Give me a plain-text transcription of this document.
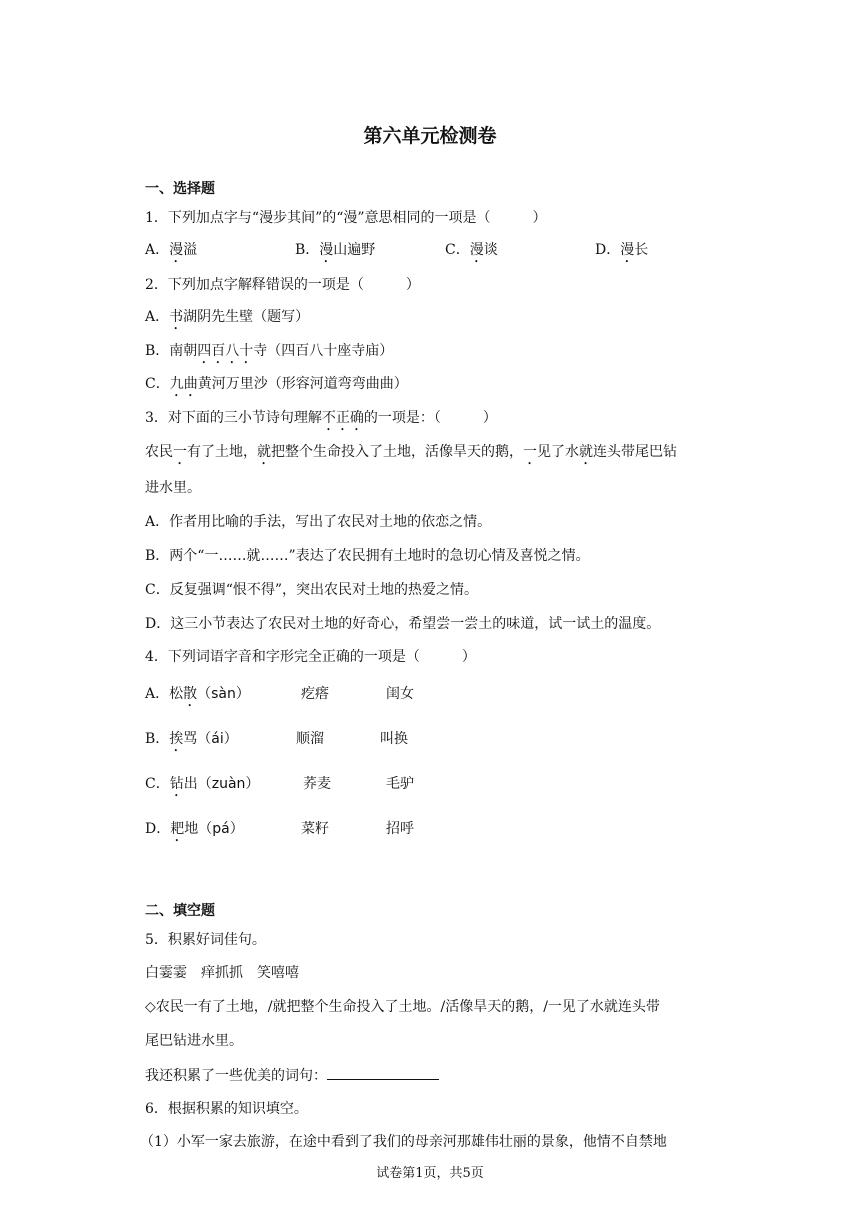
第六单元检测卷
一、选择题
1．下列加点字与“漫步其间”的“漫”意思相同的一项是（　　　）
A．漫溢	B．漫山遍野	C．漫谈	D．漫长
2．下列加点字解释错误的一项是（　　　）
A．书湖阴先生壁（题写）
B．南朝四百八十寺（四百八十座寺庙）
C．九曲黄河万里沙（形容河道弯弯曲曲）
3．对下面的三小节诗句理解不正确的一项是：（　　　）
农民一有了土地，就把整个生命投入了土地，活像旱天的鹅，一见了水就连头带尾巴钻
进水里。
A．作者用比喻的手法，写出了农民对土地的依恋之情。
B．两个“一……就……”表达了农民拥有土地时的急切心情及喜悦之情。
C．反复强调“恨不得”，突出农民对土地的热爱之情。
D．这三小节表达了农民对土地的好奇心，希望尝一尝土的味道，试一试土的温度。
4．下列词语字音和字形完全正确的一项是（　　　）
A．松散（sàn）	疙瘩	闺女
B．挨骂（ái）	顺溜	叫换
C．钻出（zuàn）	荞麦	毛驴
D．耙地（pá）	菜籽	招呼
二、填空题
5．积累好词佳句。
白霎霎　痒抓抓　笑嘻嘻
◇农民一有了土地，/就把整个生命投入了土地。/活像旱天的鹅，/一见了水就连头带
尾巴钻进水里。
我还积累了一些优美的词句：
6．根据积累的知识填空。
（1）小军一家去旅游，在途中看到了我们的母亲河那雄伟壮丽的景象，他情不自禁地
试卷第1页，共5页
